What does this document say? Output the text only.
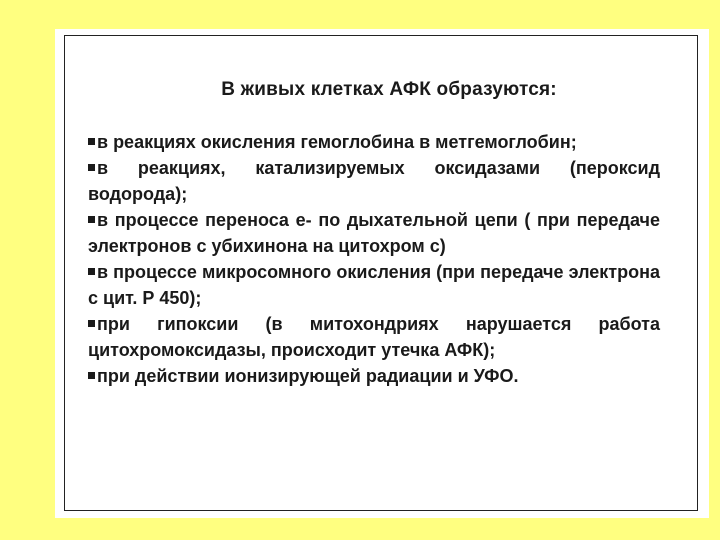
В живых клетках АФК образуются:
в реакциях окисления гемоглобина в метгемоглобин;
в реакциях, катализируемых оксидазами (пероксид водорода);
в процессе переноса е- по дыхательной цепи ( при передаче электронов с убихинона на цитохром с)
в процессе микросомного окисления (при передаче электрона с цит. Р 450);
при гипоксии (в митохондриях нарушается работа цитохромоксидазы, происходит утечка АФК);
при действии ионизирующей радиации и УФО.
